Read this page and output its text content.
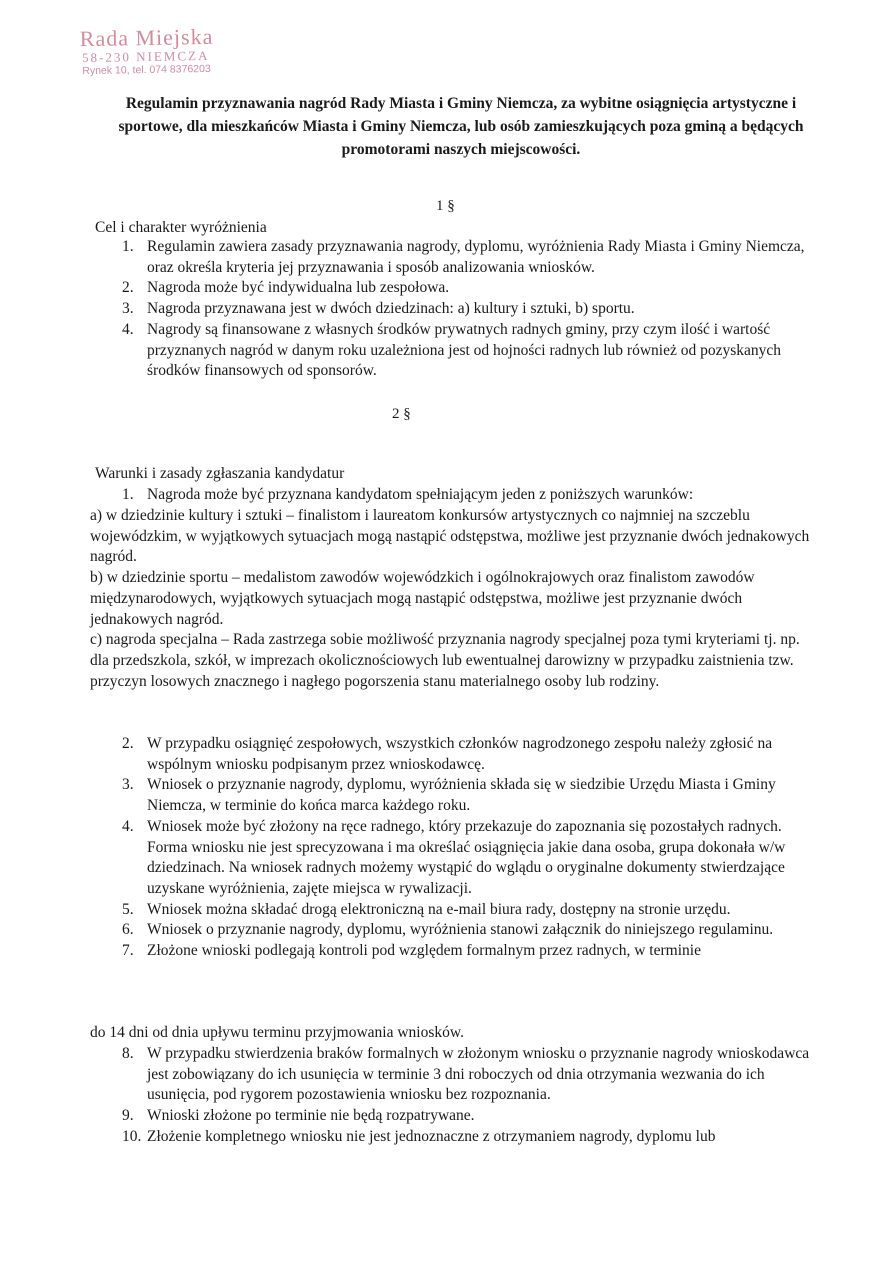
Rada Miejska
58-230 NIEMCZA
Rynek 10, tel. 074 8376203
Regulamin przyznawania nagród Rady Miasta i Gminy Niemcza, za wybitne osiągnięcia artystyczne i sportowe, dla mieszkańców Miasta i Gminy Niemcza, lub osób zamieszkujących poza gminą a będących promotorami naszych miejscowości.
1 §
Cel i charakter wyróżnienia
1. Regulamin zawiera zasady przyznawania nagrody, dyplomu, wyróżnienia Rady Miasta i Gminy Niemcza, oraz określa kryteria jej przyznawania i sposób analizowania wniosków.
2. Nagroda może być indywidualna lub zespołowa.
3. Nagroda przyznawana jest w dwóch dziedzinach: a) kultury i sztuki, b) sportu.
4. Nagrody są finansowane z własnych środków prywatnych radnych gminy, przy czym ilość i wartość przyznanych nagród w danym roku uzależniona jest od hojności radnych lub również od pozyskanych środków finansowych od sponsorów.
2 §
Warunki i zasady zgłaszania kandydatur
1. Nagroda może być przyznana kandydatom spełniającym jeden z poniższych warunków:

a) w dziedzinie kultury i sztuki – finalistom i laureatom konkursów artystycznych co najmniej na szczeblu wojewódzkim, w wyjątkowych sytuacjach mogą nastąpić odstępstwa, możliwe jest przyznanie dwóch jednakowych nagród.

b) w dziedzinie sportu – medalistom zawodów wojewódzkich i ogólnokrajowych oraz finalistom zawodów międzynarodowych, wyjątkowych sytuacjach mogą nastąpić odstępstwa, możliwe jest przyznanie dwóch jednakowych nagród.

c) nagroda specjalna – Rada zastrzega sobie możliwość przyznania nagrody specjalnej poza tymi kryteriami tj. np. dla przedszkola, szkół, w imprezach okolicznościowych lub ewentualnej darowizny w przypadku zaistnienia tzw. przyczyn losowych znacznego i nagłego pogorszenia stanu materialnego osoby lub rodziny.

2. W przypadku osiągnięć zespołowych, wszystkich członków nagrodzonego zespołu należy zgłosić na wspólnym wniosku podpisanym przez wnioskodawcę.
3. Wniosek o przyznanie nagrody, dyplomu, wyróżnienia składa się w siedzibie Urzędu Miasta i Gminy Niemcza, w terminie do końca marca każdego roku.
4. Wniosek może być złożony na ręce radnego, który przekazuje do zapoznania się pozostałych radnych. Forma wniosku nie jest sprecyzowana i ma określać osiągnięcia jakie dana osoba, grupa dokonała w/w dziedzinach. Na wniosek radnych możemy wystąpić do wglądu o oryginalne dokumenty stwierdzające uzyskane wyróżnienia, zajęte miejsca w rywalizacji.
5. Wniosek można składać drogą elektroniczną na e-mail biura rady, dostępny na stronie urzędu.
6. Wniosek o przyznanie nagrody, dyplomu, wyróżnienia stanowi załącznik do niniejszego regulaminu.
7. Złożone wnioski podlegają kontroli pod względem formalnym przez radnych, w terminie
do 14 dni od dnia upływu terminu przyjmowania wniosków.
8. W przypadku stwierdzenia braków formalnych w złożonym wniosku o przyznanie nagrody wnioskodawca jest zobowiązany do ich usunięcia w terminie 3 dni roboczych od dnia otrzymania wezwania do ich usunięcia, pod rygorem pozostawienia wniosku bez rozpoznania.
9. Wnioski złożone po terminie nie będą rozpatrywane.
10. Złożenie kompletnego wniosku nie jest jednoznaczne z otrzymaniem nagrody, dyplomu lub
